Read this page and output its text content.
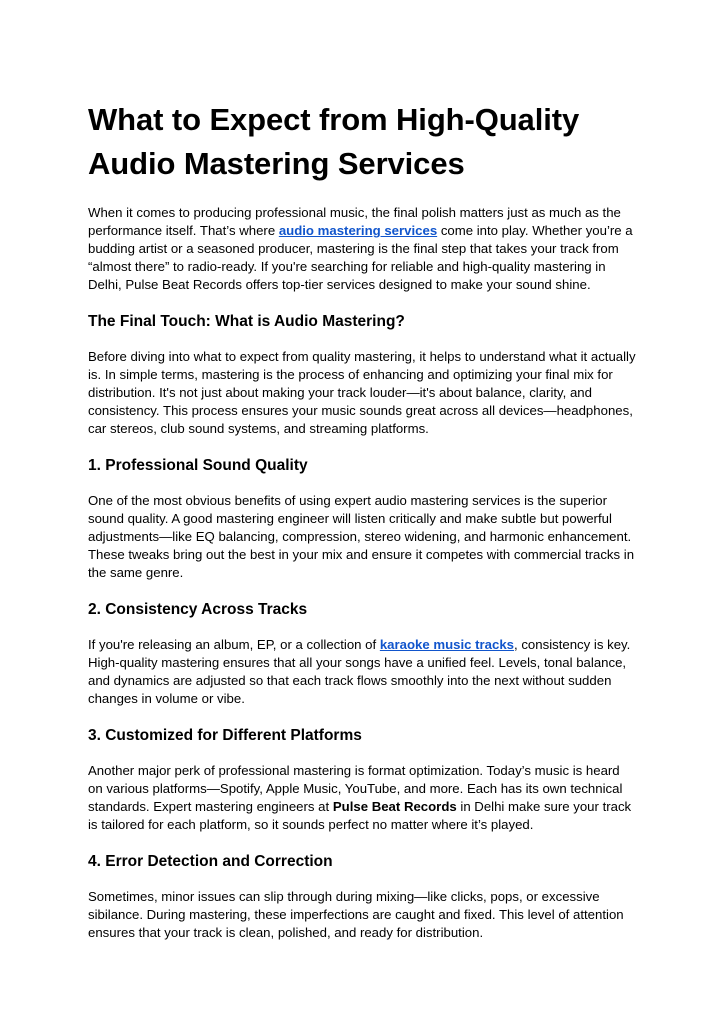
What to Expect from High-Quality Audio Mastering Services

When it comes to producing professional music, the final polish matters just as much as the performance itself. That’s where audio mastering services come into play. Whether you’re a budding artist or a seasoned producer, mastering is the final step that takes your track from “almost there” to radio-ready. If you're searching for reliable and high-quality mastering in Delhi, Pulse Beat Records offers top-tier services designed to make your sound shine.

The Final Touch: What is Audio Mastering?

Before diving into what to expect from quality mastering, it helps to understand what it actually is. In simple terms, mastering is the process of enhancing and optimizing your final mix for distribution. It's not just about making your track louder—it's about balance, clarity, and consistency. This process ensures your music sounds great across all devices—headphones, car stereos, club sound systems, and streaming platforms.

1. Professional Sound Quality

One of the most obvious benefits of using expert audio mastering services is the superior sound quality. A good mastering engineer will listen critically and make subtle but powerful adjustments—like EQ balancing, compression, stereo widening, and harmonic enhancement. These tweaks bring out the best in your mix and ensure it competes with commercial tracks in the same genre.

2. Consistency Across Tracks

If you're releasing an album, EP, or a collection of karaoke music tracks, consistency is key. High-quality mastering ensures that all your songs have a unified feel. Levels, tonal balance, and dynamics are adjusted so that each track flows smoothly into the next without sudden changes in volume or vibe.

3. Customized for Different Platforms

Another major perk of professional mastering is format optimization. Today’s music is heard on various platforms—Spotify, Apple Music, YouTube, and more. Each has its own technical standards. Expert mastering engineers at Pulse Beat Records in Delhi make sure your track is tailored for each platform, so it sounds perfect no matter where it’s played.

4. Error Detection and Correction

Sometimes, minor issues can slip through during mixing—like clicks, pops, or excessive sibilance. During mastering, these imperfections are caught and fixed. This level of attention ensures that your track is clean, polished, and ready for distribution.
